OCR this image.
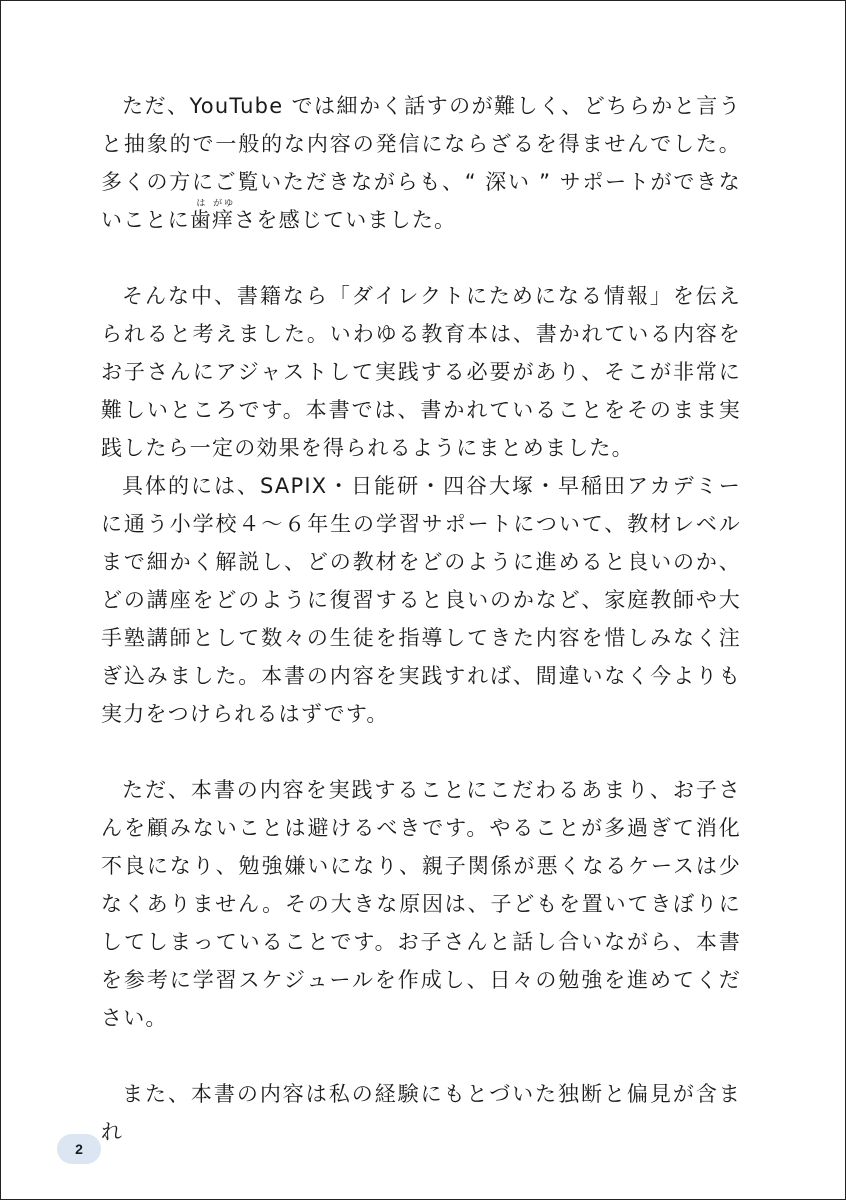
ただ、YouTube では細かく話すのが難しく、どちらかと言うと抽象的で一般的な内容の発信にならざるを得ませんでした。多くの方にご覧いただきながらも、“ 深い ” サポートができないことに歯は痒がゆさを感じていました。

そんな中、書籍なら「ダイレクトにためになる情報」を伝えられると考えました。いわゆる教育本は、書かれている内容をお子さんにアジャストして実践する必要があり、そこが非常に難しいところです。本書では、書かれていることをそのまま実践したら一定の効果を得られるようにまとめました。

具体的には、SAPIX・日能研・四谷大塚・早稲田アカデミーに通う小学校４～６年生の学習サポートについて、教材レベルまで細かく解説し、どの教材をどのように進めると良いのか、どの講座をどのように復習すると良いのかなど、家庭教師や大手塾講師として数々の生徒を指導してきた内容を惜しみなく注ぎ込みました。本書の内容を実践すれば、間違いなく今よりも実力をつけられるはずです。

ただ、本書の内容を実践することにこだわるあまり、お子さんを顧みないことは避けるべきです。やることが多過ぎて消化不良になり、勉強嫌いになり、親子関係が悪くなるケースは少なくありません。その大きな原因は、子どもを置いてきぼりにしてしまっていることです。お子さんと話し合いながら、本書を参考に学習スケジュールを作成し、日々の勉強を進めてください。

また、本書の内容は私の経験にもとづいた独断と偏見が含まれ

2
